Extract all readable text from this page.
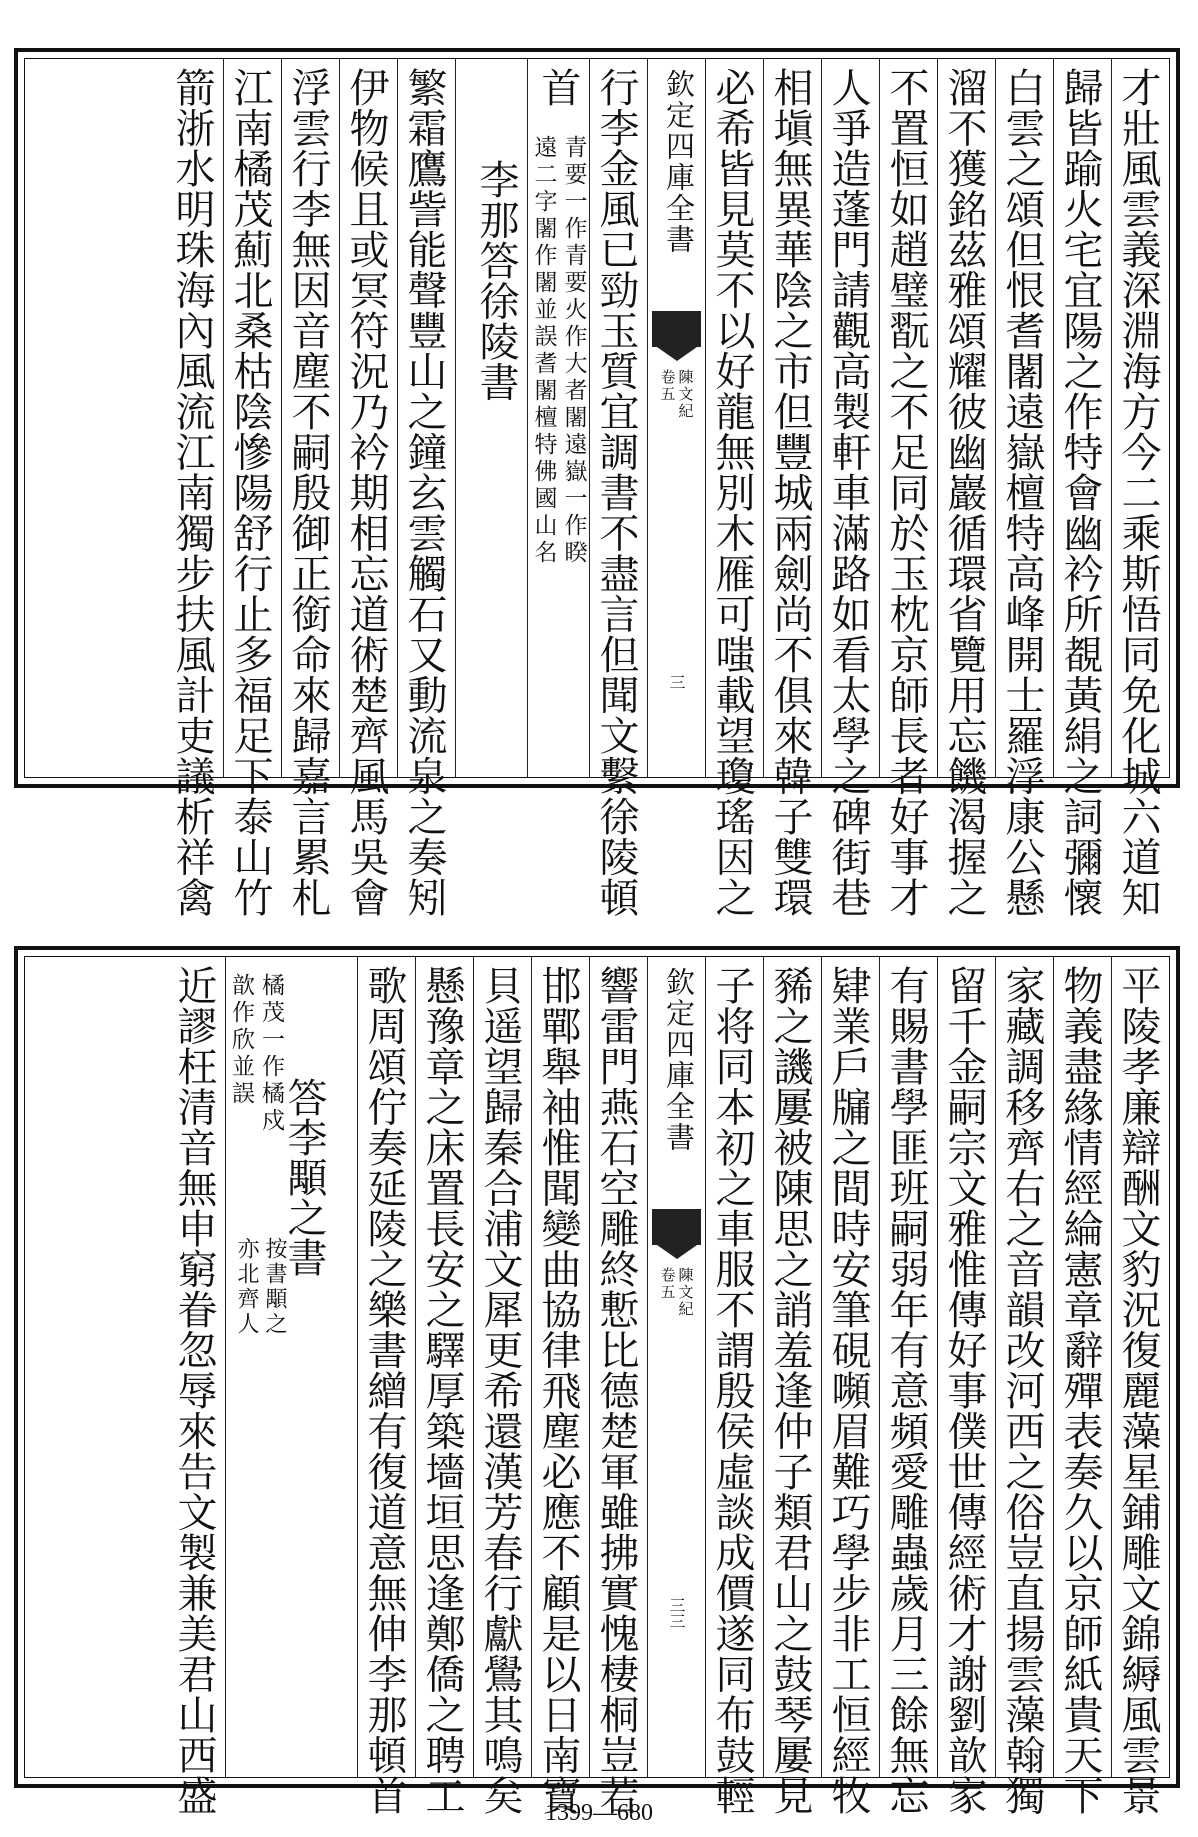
才壯風雲義深淵海方今二乘斯悟同免化城六道知
歸皆踰火宅宜陽之作特會幽衿所覩黃絹之詞彌懷
白雲之頌但恨耆闍遠嶽檀特高峰開士羅浮康公懸
溜不獲銘茲雅頌耀彼幽巖循環省覽用忘饑渴握之
不置恒如趙璧翫之不足同於玉枕京師長者好事才
人爭造蓬門請觀高製軒車滿路如看太學之碑街巷
相塡無異華陰之市但豐城兩劍尚不俱來韓子雙環
必希皆見莫不以好龍無別木雁可嗤載望瓊瑤因之
欽定四庫全書
陳文紀
卷五
三
行李金風已勁玉質宜調書不盡言但聞文繫徐陵頓
首
青要一作青要火作大者闍遠嶽一作睽
遠二字闍作闍並誤耆闍檀特佛國山名
李那答徐陵書
繁霜鷹訾能聲豐山之鐘玄雲觸石又動流泉之奏矧
伊物候且或冥符況乃衿期相忘道術楚齊風馬吳會
浮雲行李無因音塵不嗣殷御正銜命來歸嘉言累札
江南橘茂薊北桑枯陰慘陽舒行止多福足下泰山竹
箭浙水明珠海內風流江南獨步扶風計吏議析祥禽
平陵孝廉辯酬文豹況復麗藻星鋪雕文錦縟風雲景
物義盡緣情經綸憲章辭殫表奏久以京師紙貴天下
家藏調移齊右之音韻改河西之俗豈直揚雲藻翰獨
留千金嗣宗文雅惟傳好事僕世傳經術才謝劉歆家
有賜書學匪班嗣弱年有意頻愛雕蟲歲月三餘無忘
肄業戶牖之間時安筆硯嚬眉難巧學步非工恒經牧
豨之譏屢被陳思之誚羞逢仲子類君山之鼓琴屢見
子将同本初之車服不謂殷侯虛談成價遂同布鼓輕
欽定四庫全書
陳文紀
卷五
三三
響雷門燕石空雕終慙比德楚軍雖拂實愧棲桐豈若
邯鄲舉袖惟聞變曲協律飛塵必應不顧是以日南寶
貝遥望歸秦合浦文犀更希還漢芳春行獻鷽其鳴矣
懸豫章之床置長安之驛厚築墻垣思逢鄭僑之聘工
歌周頌佇奏延陵之樂書繒有復道意無伸李那頓首
橘茂一作橘戍
歆作欣並誤
答李顒之書
按書顒之
亦北齊人
近謬枉清音無申窮眷忽辱來告文製兼美君山西盛	1399—680
